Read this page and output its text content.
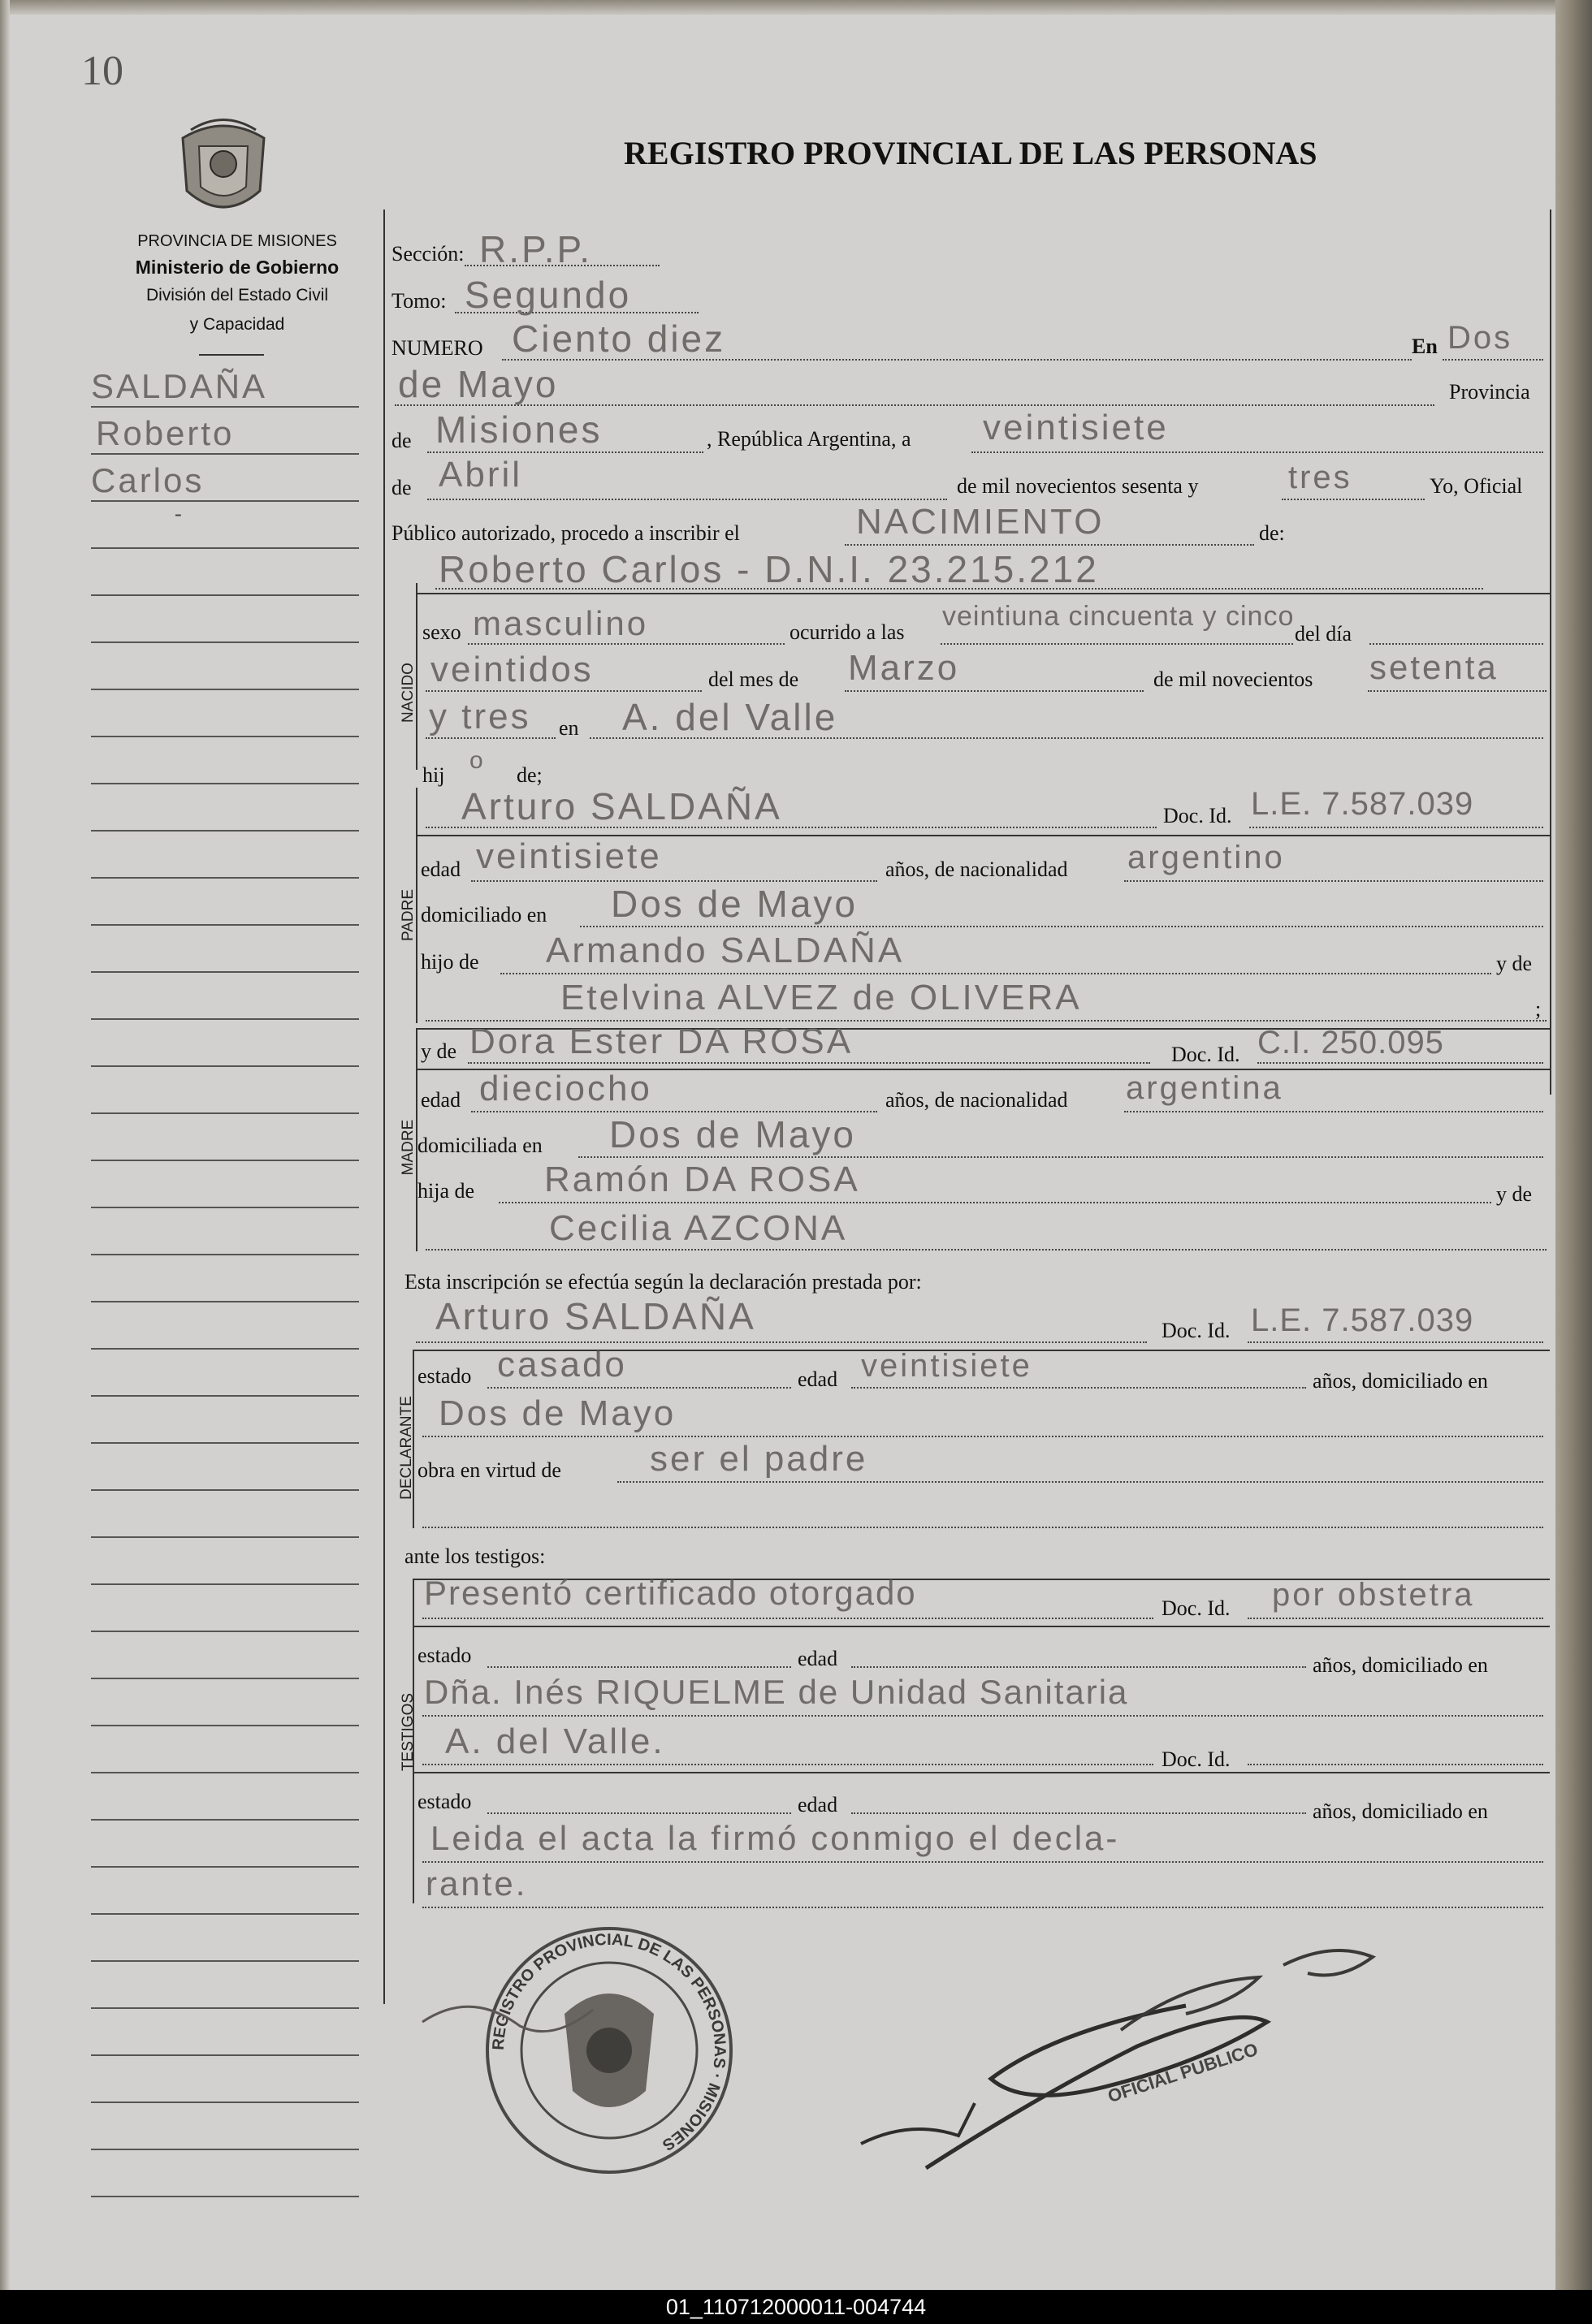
10
PROVINCIA DE MISIONES
Ministerio de Gobierno
División del Estado Civil
y Capacidad
REGISTRO PROVINCIAL DE LAS PERSONAS
SALDAÑA
Roberto
Carlos
-
Sección: R.P.P.
Tomo: Segundo
NUMERO Ciento diez	En Dos
de Mayo	Provincia
de Misiones	, República Argentina, a veintisiete
de Abril	de mil novecientos sesenta y	tres	Yo, Oficial
Público autorizado, procedo a inscribir el	NACIMIENTO	de:
Roberto Carlos - D.N.I. 23.215.212
NACIDO
sexo masculino	ocurrido a las
veintiuna cincuenta y cinco
del día
veintidos	del mes de Marzo	de mil novecientos setenta
y tres en A. del Valle
hij
o
de;
PADRE
Arturo SALDAÑA	Doc. Id. L.E. 7.587.039
edad veintisiete	años, de nacionalidad argentino
domiciliado en Dos de Mayo
hijo de Armando SALDAÑA	y de
Etelvina ALVEZ de OLIVERA	;
MADRE
y de Dora Ester DA ROSA	Doc. Id. C.I. 250.095
edad dieciocho	años, de nacionalidad argentina
domiciliada en Dos de Mayo
hija de Ramón DA ROSA	y de
Cecilia AZCONA
Esta inscripción se efectúa según la declaración prestada por:
Arturo SALDAÑA	Doc. Id. L.E. 7.587.039
DECLARANTE
estado casado	edad veintisiete	años, domiciliado en
Dos de Mayo
obra en virtud de ser el padre
ante los testigos:
TESTIGOS
Presentó certificado otorgado	Doc. Id. por obstetra
estado	edad	años, domiciliado en
Dña. Inés RIQUELME de Unidad Sanitaria
A. del Valle.	Doc. Id.
estado	edad	años, domiciliado en
Leida el acta la firmó conmigo el decla-
rante.
REGISTRO PROVINCIAL DE LAS PERSONAS · MISIONES
OFICIAL PUBLICO
01_110712000011-004744
